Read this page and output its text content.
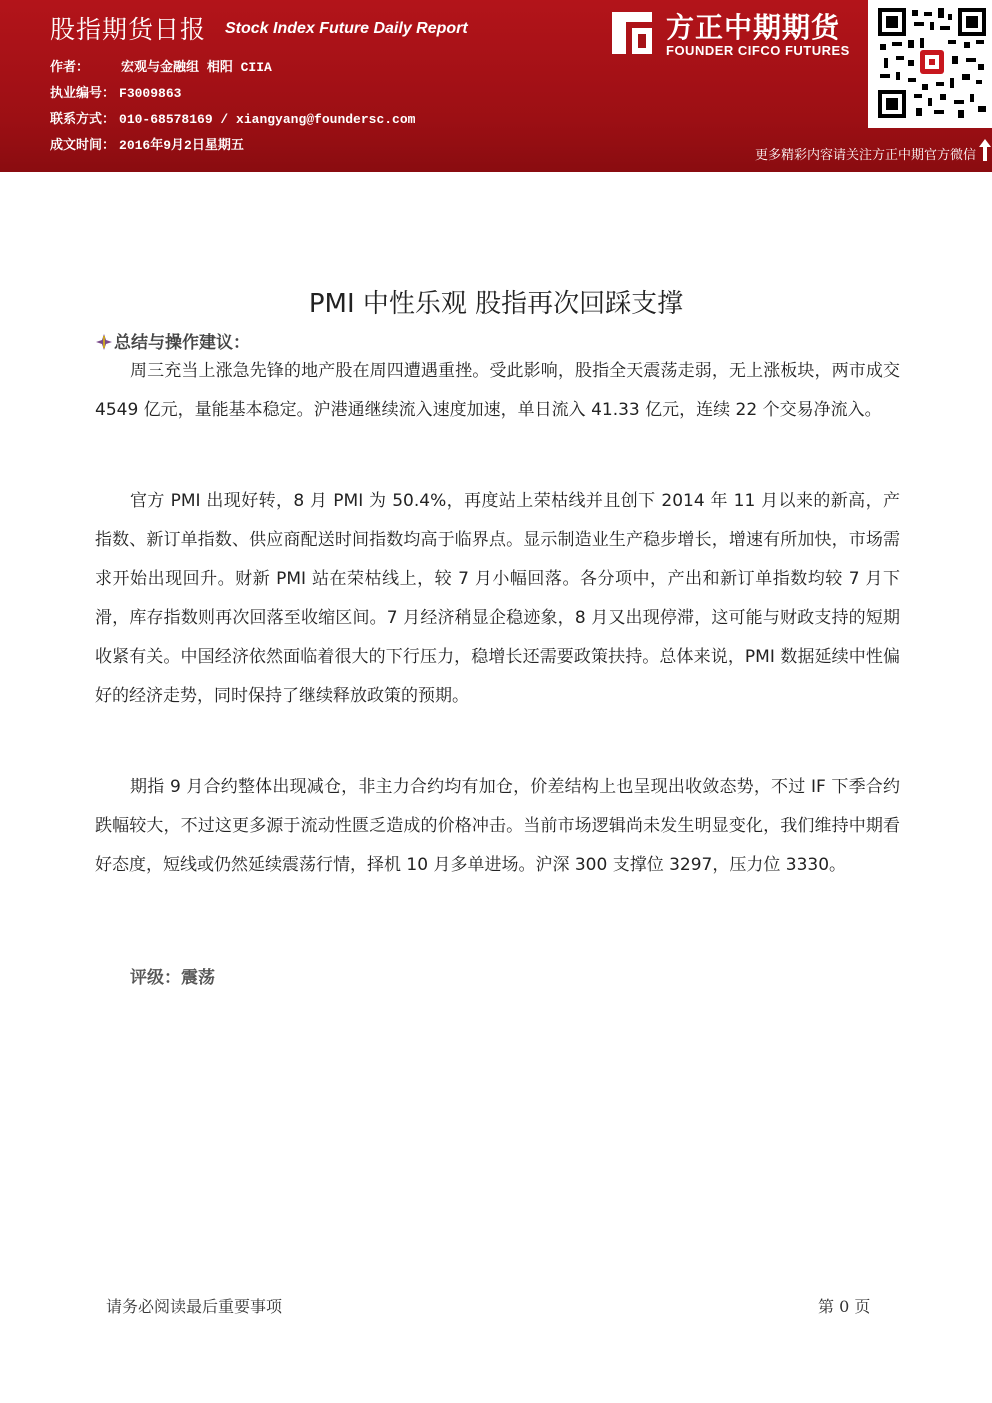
股指期货日报 Stock Index Future Daily Report
作者： 宏观与金融组 相阳 CIIA
执业编号： F3009863
联系方式： 010-68578169 / xiangyang@foundersc.com
成文时间： 2016年9月2日星期五
方正中期期货
FOUNDER CIFCO FUTURES
更多精彩内容请关注方正中期官方微信
PMI 中性乐观 股指再次回踩支撑
总结与操作建议：
周三充当上涨急先锋的地产股在周四遭遇重挫。受此影响，股指全天震荡走弱，无上涨板块，两市成交 4549 亿元，量能基本稳定。沪港通继续流入速度加速，单日流入 41.33 亿元，连续 22 个交易净流入。
官方 PMI 出现好转，8 月 PMI 为 50.4%，再度站上荣枯线并且创下 2014 年 11 月以来的新高，产指数、新订单指数、供应商配送时间指数均高于临界点。显示制造业生产稳步增长，增速有所加快，市场需求开始出现回升。财新 PMI 站在荣枯线上，较 7 月小幅回落。各分项中，产出和新订单指数均较 7 月下滑，库存指数则再次回落至收缩区间。7 月经济稍显企稳迹象，8 月又出现停滞，这可能与财政支持的短期收紧有关。中国经济依然面临着很大的下行压力，稳增长还需要政策扶持。总体来说，PMI 数据延续中性偏好的经济走势，同时保持了继续释放政策的预期。
期指 9 月合约整体出现减仓，非主力合约均有加仓，价差结构上也呈现出收敛态势，不过 IF 下季合约跌幅较大，不过这更多源于流动性匮乏造成的价格冲击。当前市场逻辑尚未发生明显变化，我们维持中期看好态度，短线或仍然延续震荡行情，择机 10 月多单进场。沪深 300 支撑位 3297，压力位 3330。
评级：震荡
请务必阅读最后重要事项	第 0 页
